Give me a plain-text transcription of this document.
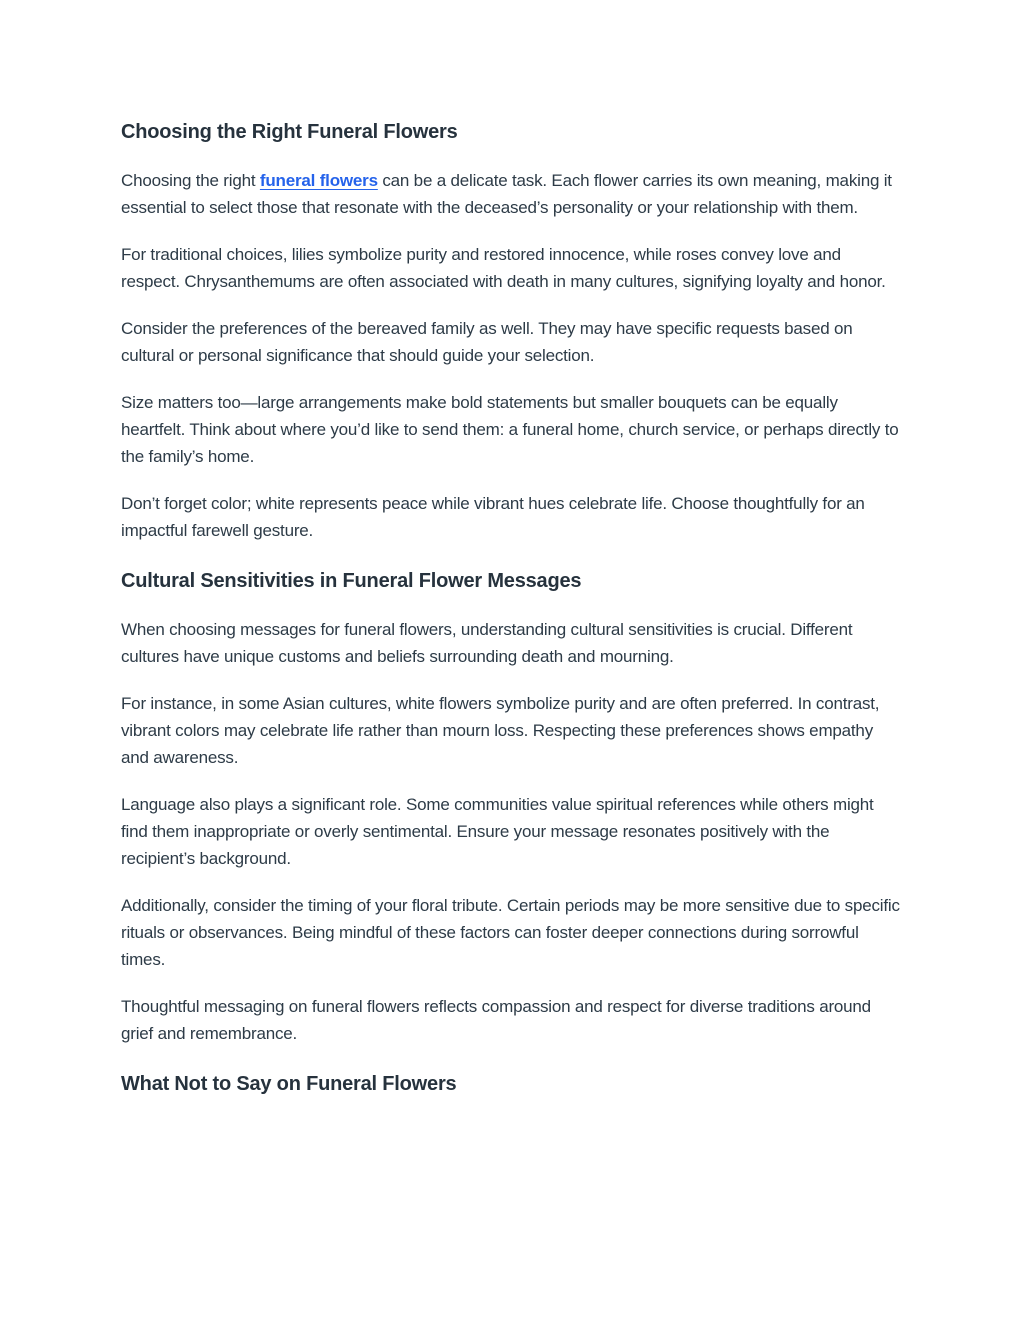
Choosing the Right Funeral Flowers

Choosing the right funeral flowers can be a delicate task. Each flower carries its own meaning, making it essential to select those that resonate with the deceased’s personality or your relationship with them.

For traditional choices, lilies symbolize purity and restored innocence, while roses convey love and respect. Chrysanthemums are often associated with death in many cultures, signifying loyalty and honor.

Consider the preferences of the bereaved family as well. They may have specific requests based on cultural or personal significance that should guide your selection.

Size matters too—large arrangements make bold statements but smaller bouquets can be equally heartfelt. Think about where you’d like to send them: a funeral home, church service, or perhaps directly to the family’s home.

Don’t forget color; white represents peace while vibrant hues celebrate life. Choose thoughtfully for an impactful farewell gesture.

Cultural Sensitivities in Funeral Flower Messages

When choosing messages for funeral flowers, understanding cultural sensitivities is crucial. Different cultures have unique customs and beliefs surrounding death and mourning.

For instance, in some Asian cultures, white flowers symbolize purity and are often preferred. In contrast, vibrant colors may celebrate life rather than mourn loss. Respecting these preferences shows empathy and awareness.

Language also plays a significant role. Some communities value spiritual references while others might find them inappropriate or overly sentimental. Ensure your message resonates positively with the recipient’s background.

Additionally, consider the timing of your floral tribute. Certain periods may be more sensitive due to specific rituals or observances. Being mindful of these factors can foster deeper connections during sorrowful times.

Thoughtful messaging on funeral flowers reflects compassion and respect for diverse traditions around grief and remembrance.

What Not to Say on Funeral Flowers
